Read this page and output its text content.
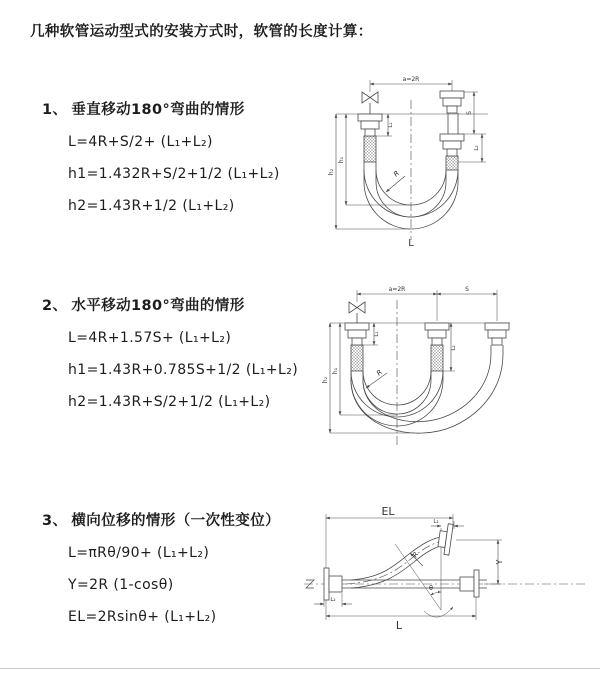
几种软管运动型式的安装方式时，软管的长度计算：
1、 垂直移动180°弯曲的情形
L=4R+S/2+ (L₁+L₂)
h1=1.432R+S/2+1/2 (L₁+L₂)
h2=1.43R+1/2 (L₁+L₂)
a=2R
L₁
S
L₂
h₁
h₂	R
L
2、 水平移动180°弯曲的情形
L=4R+1.57S+ (L₁+L₂)
h1=1.43R+0.785S+1/2 (L₁+L₂)
h2=1.43R+S/2+1/2 (L₁+L₂)
a=2R	S
L₁
L₂
h₁
h₂
R
3、 横向位移的情形（一次性变位）
L=πRθ/90+ (L₁+L₂)
Y=2R (1-cosθ)
EL=2Rsinθ+ (L₁+L₂)
EL
L₁
Y
R
θ
L
L₂
